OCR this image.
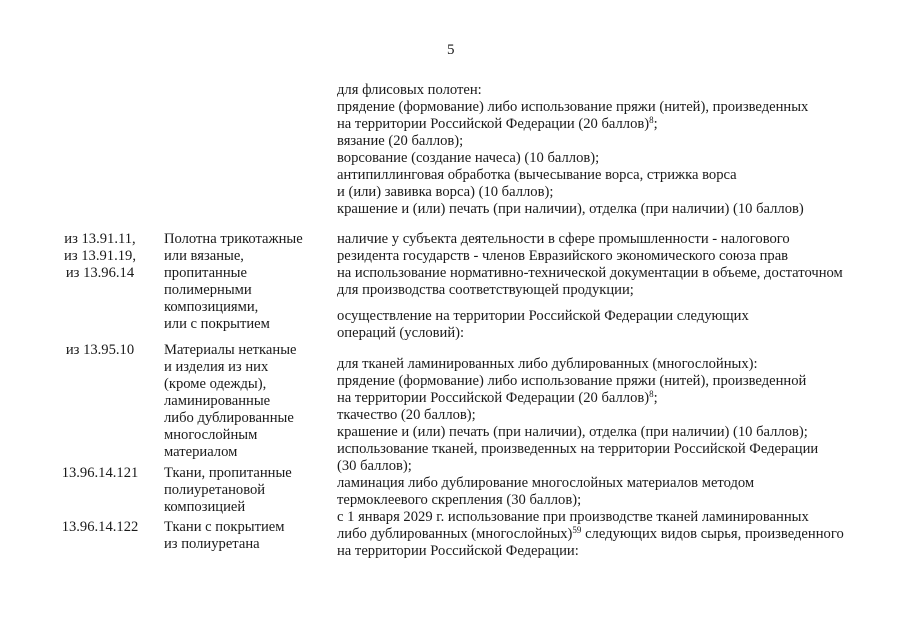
5
для флисовых полотен:
прядение (формование) либо использование пряжи (нитей), произведенных
на территории Российской Федерации (20 баллов)$^8$;
вязание (20 баллов);
ворсование (создание начеса) (10 баллов);
антипиллинговая обработка (вычесывание ворса, стрижка ворса
и (или) завивка ворса) (10 баллов);
крашение и (или) печать (при наличии), отделка (при наличии) (10 баллов)
из 13.91.11,
из 13.91.19,
из 13.96.14
из 13.95.10
13.96.14.121
13.96.14.122
Полотна трикотажные
или вязаные,
пропитанные
полимерными
композициями,
или с покрытием
Материалы нетканые
и изделия из них
(кроме одежды),
ламинированные
либо дублированные
многослойным
материалом
Ткани, пропитанные
полиуретановой
композицией
Ткани с покрытием
из полиуретана
наличие у субъекта деятельности в сфере промышленности - налогового
резидента государств - членов Евразийского экономического союза прав
на использование нормативно-технической документации в объеме, достаточном
для производства соответствующей продукции;
осуществление на территории Российской Федерации следующих
операций (условий):
для тканей ламинированных либо дублированных (многослойных):
прядение (формование) либо использование пряжи (нитей), произведенной
на территории Российской Федерации (20 баллов)$^8$;
ткачество (20 баллов);
крашение и (или) печать (при наличии), отделка (при наличии) (10 баллов);
использование тканей, произведенных на территории Российской Федерации
(30 баллов);
ламинация либо дублирование многослойных материалов методом
термоклеевого скрепления (30 баллов);
с 1 января 2029 г. использование при производстве тканей ламинированных
либо дублированных (многослойных)$^{59}$ следующих видов сырья, произведенного
на территории Российской Федерации:
